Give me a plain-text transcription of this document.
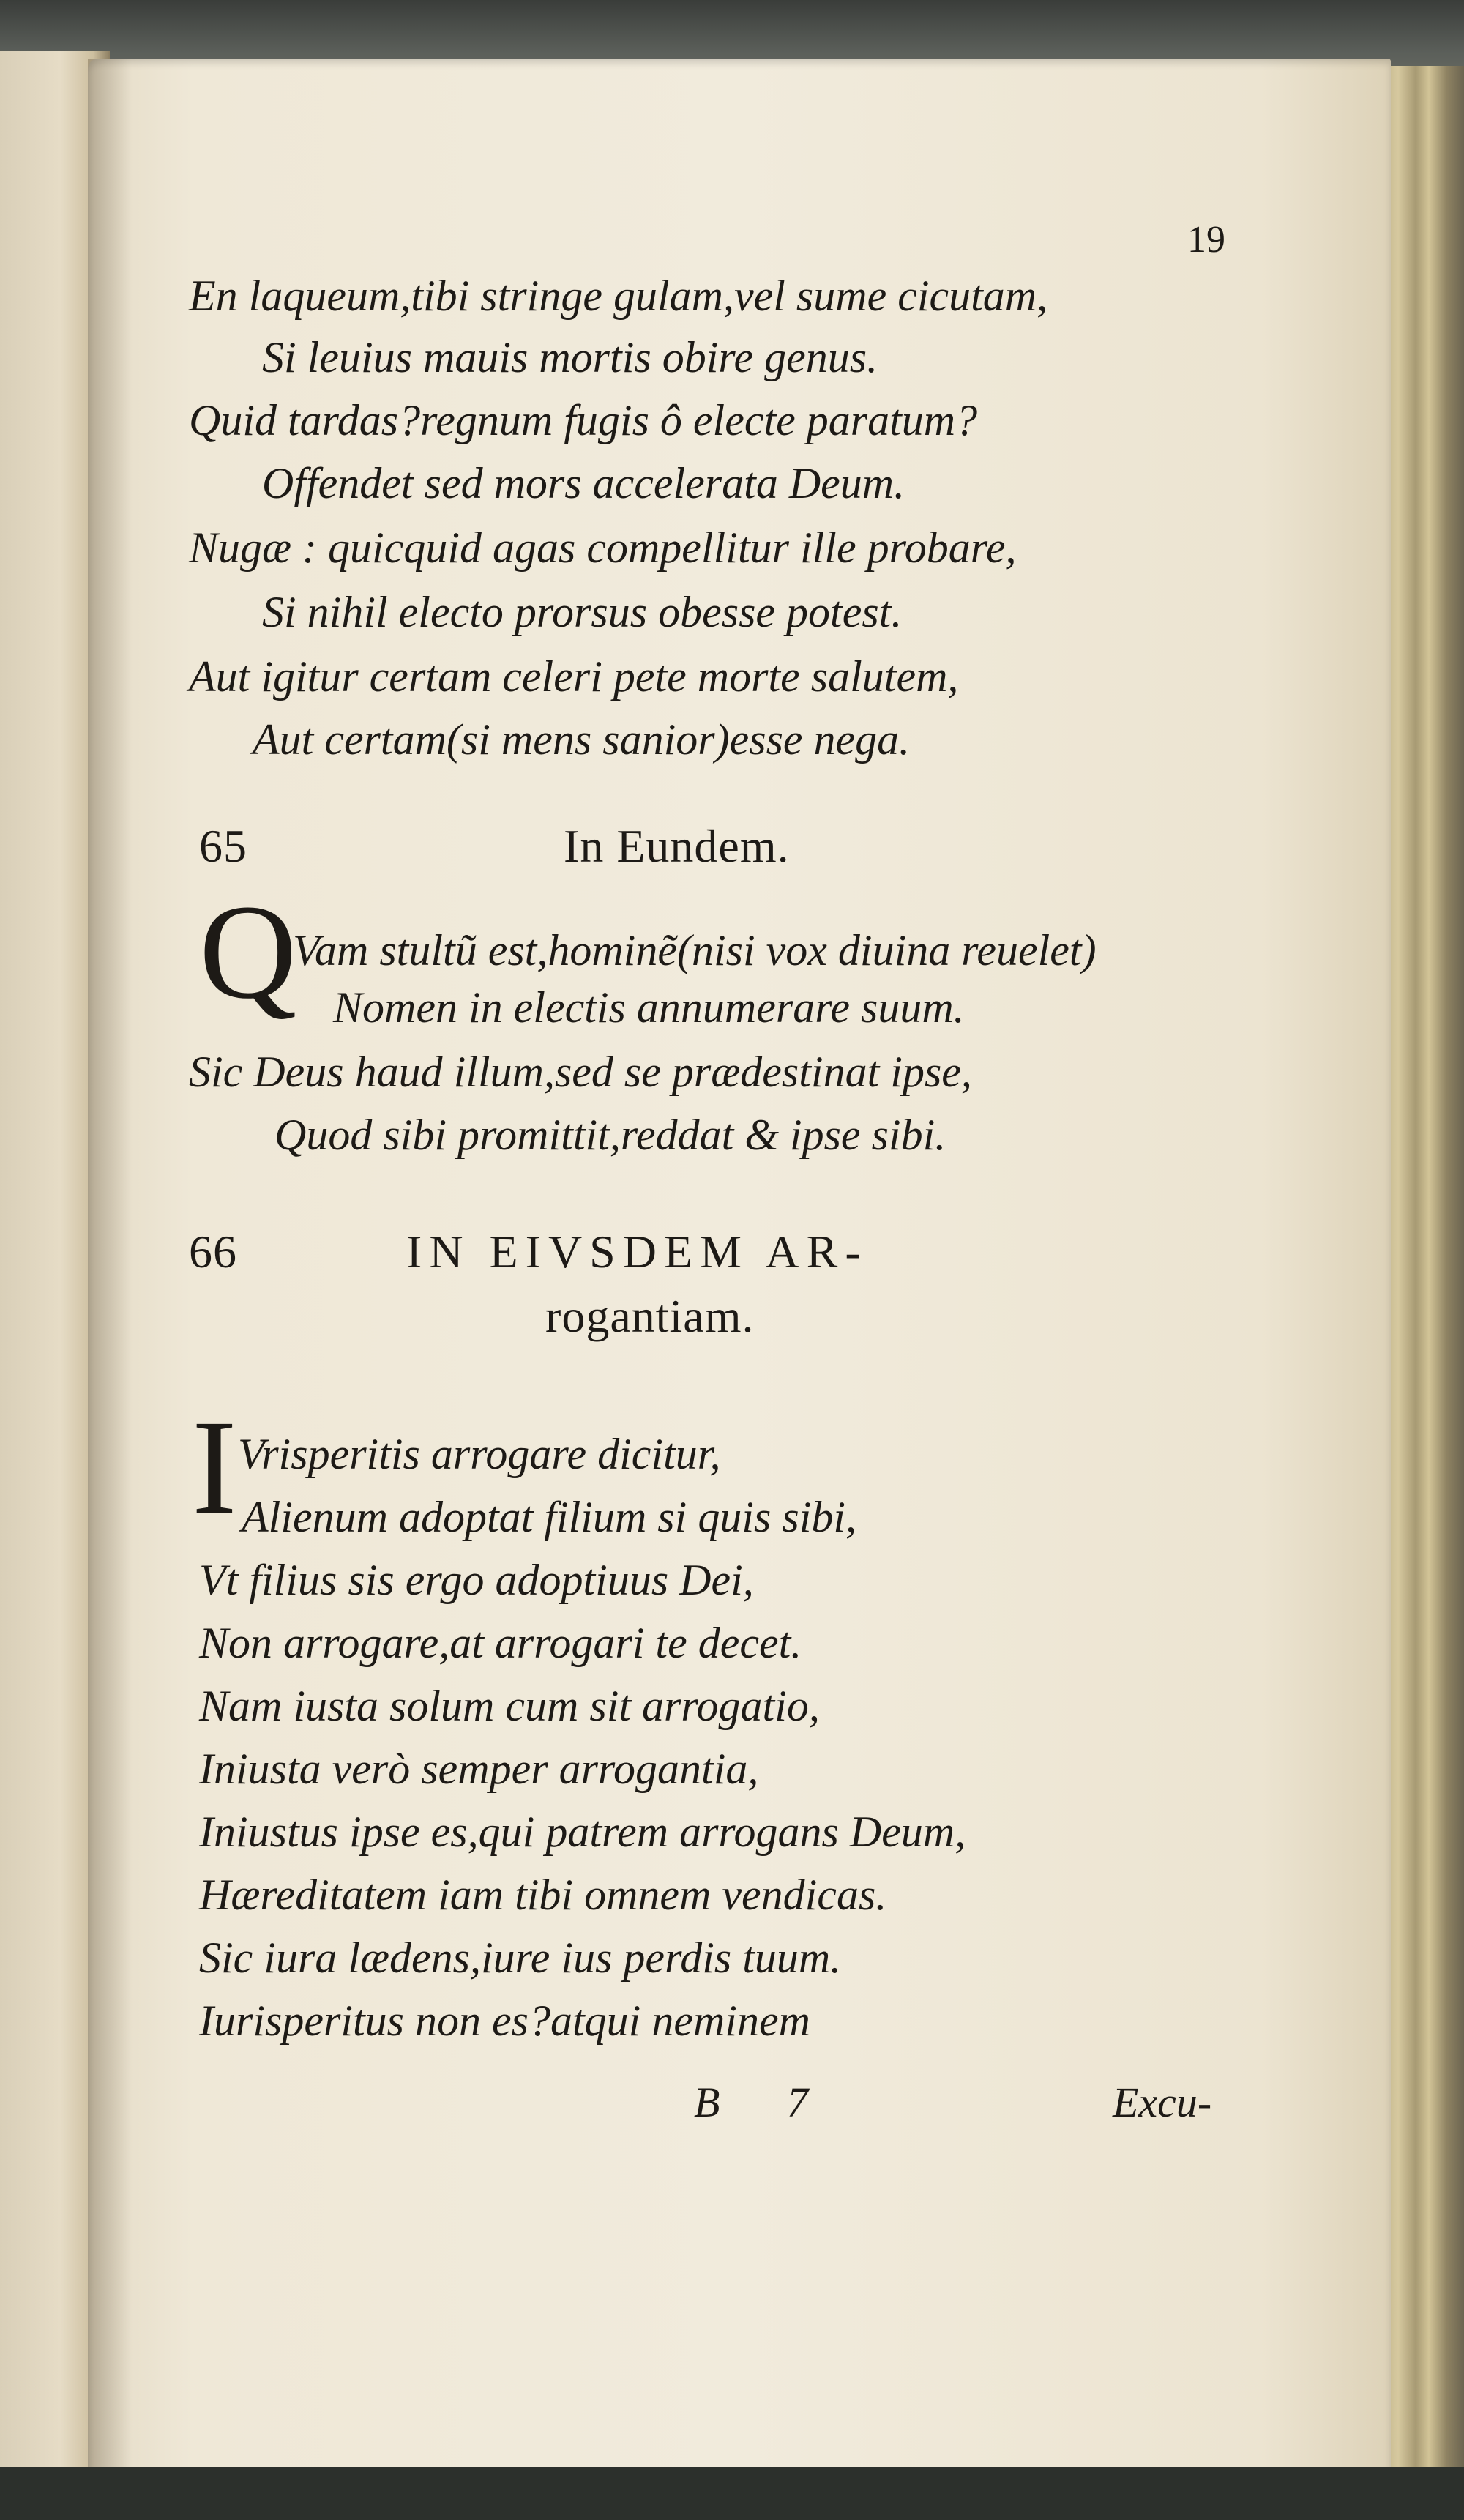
19
En laqueum,tibi stringe gulam,vel sume cicutam,
Si leuius mauis mortis obire genus.
Quid tardas?regnum fugis ô electe paratum?
Offendet sed mors accelerata Deum.
Nugæ : quicquid agas compellitur ille probare,
Si nihil electo prorsus obesse potest.
Aut igitur certam celeri pete morte salutem,
Aut certam(si mens sanior)esse nega.
65	In Eundem.
Q
Vam stultũ est,hominẽ(nisi vox diuina reuelet)
Nomen in electis annumerare suum.
Sic Deus haud illum,sed se prædestinat ipse,
Quod sibi promittit,reddat & ipse sibi.
66	IN EIVSDEM AR-
rogantiam.
I Vrisperitis arrogare dicitur,
Alienum adoptat filium si quis sibi,
Vt filius sis ergo adoptiuus Dei,
Non arrogare,at arrogari te decet.
Nam iusta solum cum sit arrogatio,
Iniusta verò semper arrogantia,
Iniustus ipse es,qui patrem arrogans Deum,
Hæreditatem iam tibi omnem vendicas.
Sic iura lædens,iure ius perdis tuum.
Iurisperitus non es?atqui neminem
B 7	Excu-
